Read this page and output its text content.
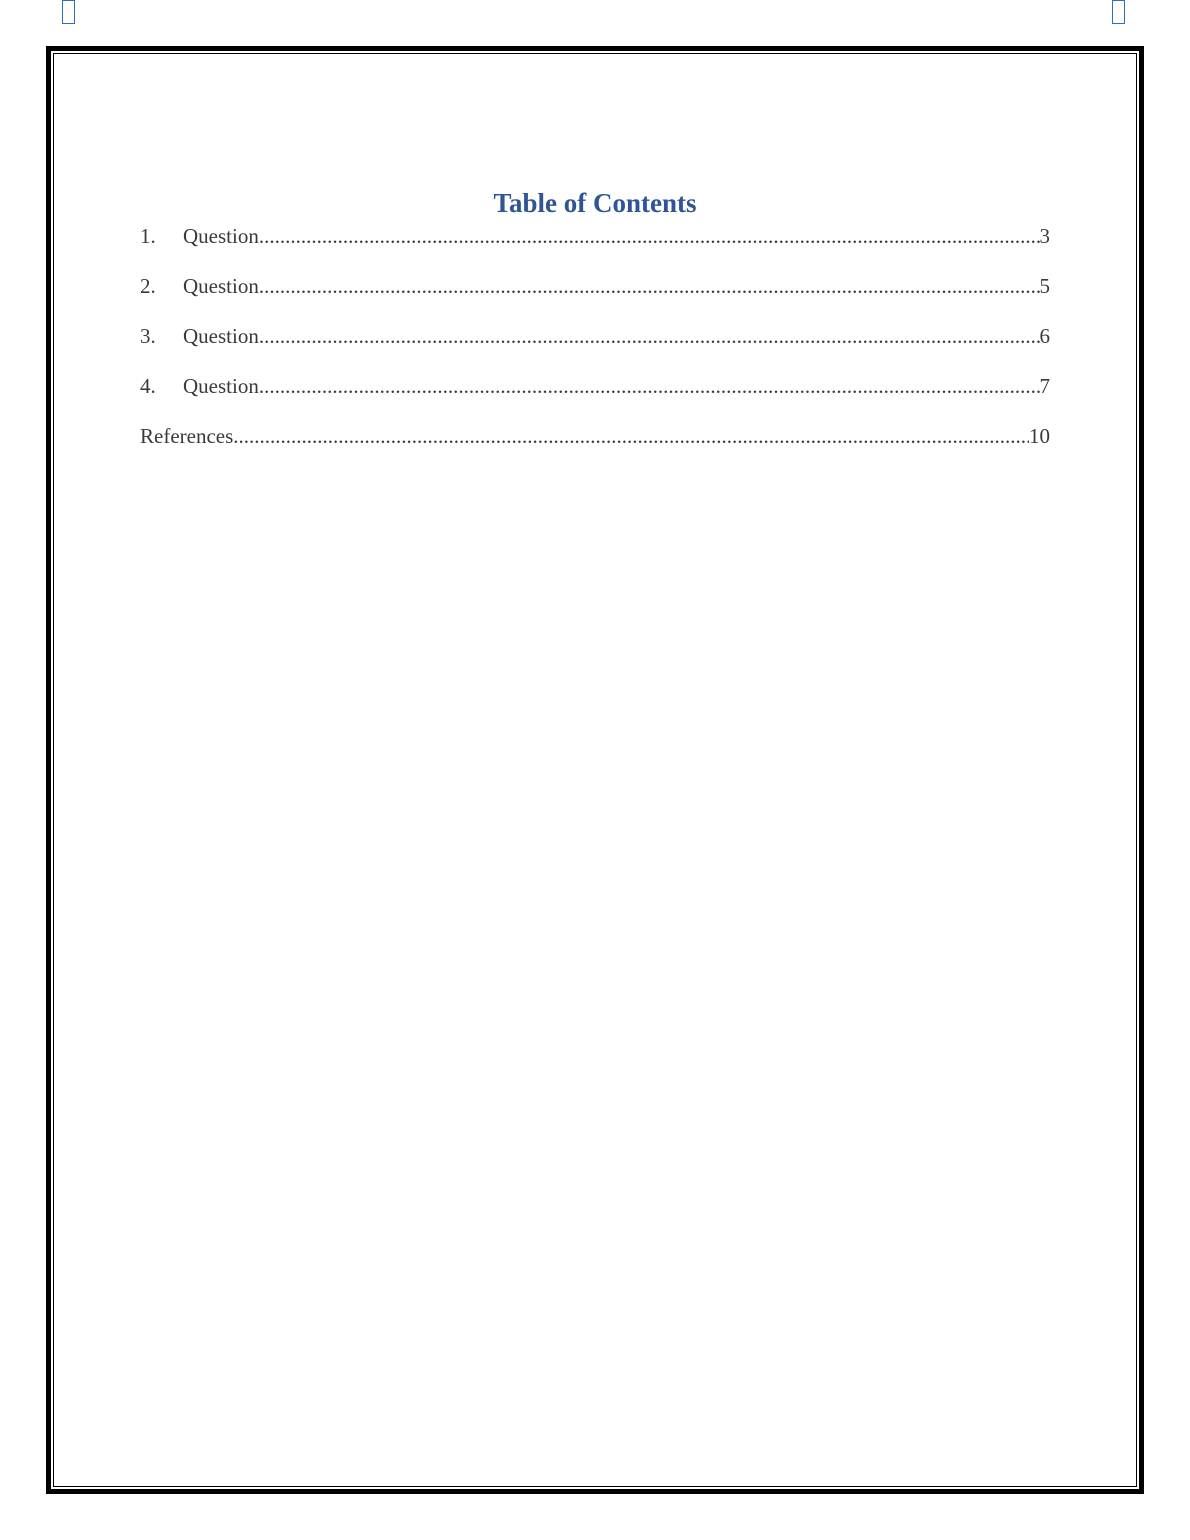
Table of Contents
1.	Question .....	3
2.	Question .....	5
3.	Question .....	6
4.	Question .....	7
References .....	10
